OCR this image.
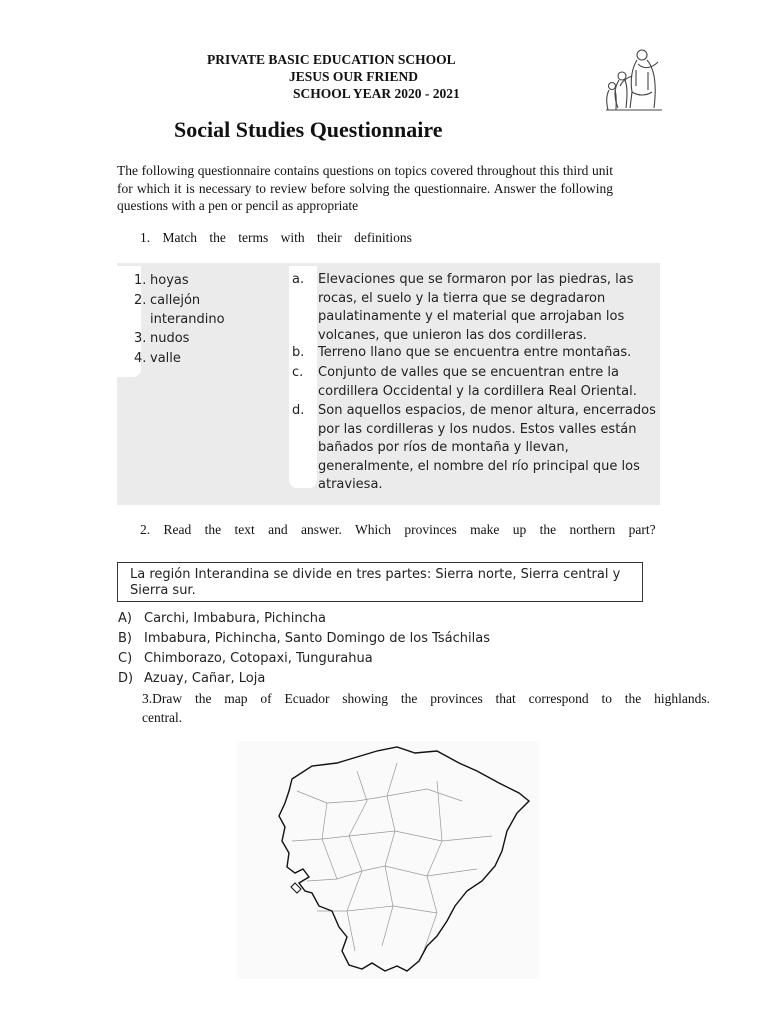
PRIVATE BASIC EDUCATION SCHOOL
JESUS OUR FRIEND
SCHOOL YEAR 2020 - 2021
Social Studies Questionnaire
The following questionnaire contains questions on topics covered throughout this third unit for which it is necessary to review before solving the questionnaire. Answer the following questions with a pen or pencil as appropriate
1. Match the terms with their definitions
1. hoyas
2. callejón
interandino
3. nudos
4. valle
a. Elevaciones que se formaron por las piedras, las rocas, el suelo y la tierra que se degradaron paulatinamente y el material que arrojaban los volcanes, que unieron las dos cordilleras.
b. Terreno llano que se encuentra entre montañas.
c. Conjunto de valles que se encuentran entre la cordillera Occidental y la cordillera Real Oriental.
d. Son aquellos espacios, de menor altura, encerrados por las cordilleras y los nudos. Estos valles están bañados por ríos de montaña y llevan, generalmente, el nombre del río principal que los atraviesa.
2. Read the text and answer. Which provinces make up the northern part?
La región Interandina se divide en tres partes: Sierra norte, Sierra central y Sierra sur.
A) Carchi, Imbabura, Pichincha
B) Imbabura, Pichincha, Santo Domingo de los Tsáchilas
C) Chimborazo, Cotopaxi, Tungurahua
D) Azuay, Cañar, Loja
3.Draw the map of Ecuador showing the provinces that correspond to the highlands. central.
